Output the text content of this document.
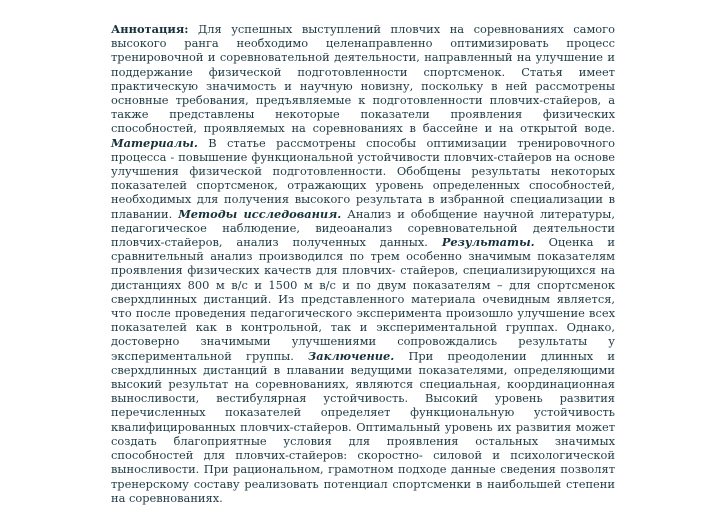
Аннотация: Для успешных выступлений пловчих на соревнованиях самого высокого ранга необходимо целенаправленно оптимизировать процесс тренировочной и соревновательной деятельности, направленный на улучшение и поддержание физической подготовленности спортсменок. Статья имеет практическую значимость и научную новизну, поскольку в ней рассмотрены основные требования, предъявляемые к подготовленности пловчих-стайеров, а также представлены некоторые показатели проявления физических способностей, проявляемых на соревнованиях в бассейне и на открытой воде. Материалы. В статье рассмотрены способы оптимизации тренировочного процесса - повышение функциональной устойчивости пловчих-стайеров на основе улучшения физической подготовленности. Обобщены результаты некоторых показателей спортсменок, отражающих уровень определенных способностей, необходимых для получения высокого результата в избранной специализации в плавании. Методы исследования. Анализ и обобщение научной литературы, педагогическое наблюдение, видеоанализ соревновательной деятельности пловчих-стайеров, анализ полученных данных. Результаты. Оценка и сравнительный анализ производился по трем особенно значимым показателям проявления физических качеств для пловчих- стайеров, специализирующихся на дистанциях 800 м в/с и 1500 м в/с и по двум показателям – для спортсменок сверхдлинных дистанций. Из представленного материала очевидным является, что после проведения педагогического эксперимента произошло улучшение всех показателей как в контрольной, так и экспериментальной группах. Однако, достоверно значимыми улучшениями сопровождались результаты у экспериментальной группы. Заключение. При преодолении длинных и сверхдлинных дистанций в плавании ведущими показателями, определяющими высокий результат на соревнованиях, являются специальная, координационная выносливости, вестибулярная устойчивость. Высокий уровень развития перечисленных показателей определяет функциональную устойчивость квалифицированных пловчих-стайеров. Оптимальный уровень их развития может создать благоприятные условия для проявления остальных значимых способностей для пловчих-стайеров: скоростно- силовой и психологической выносливости. При рациональном, грамотном подходе данные сведения позволят тренерскому составу реализовать потенциал спортсменки в наибольшей степени на соревнованиях.
